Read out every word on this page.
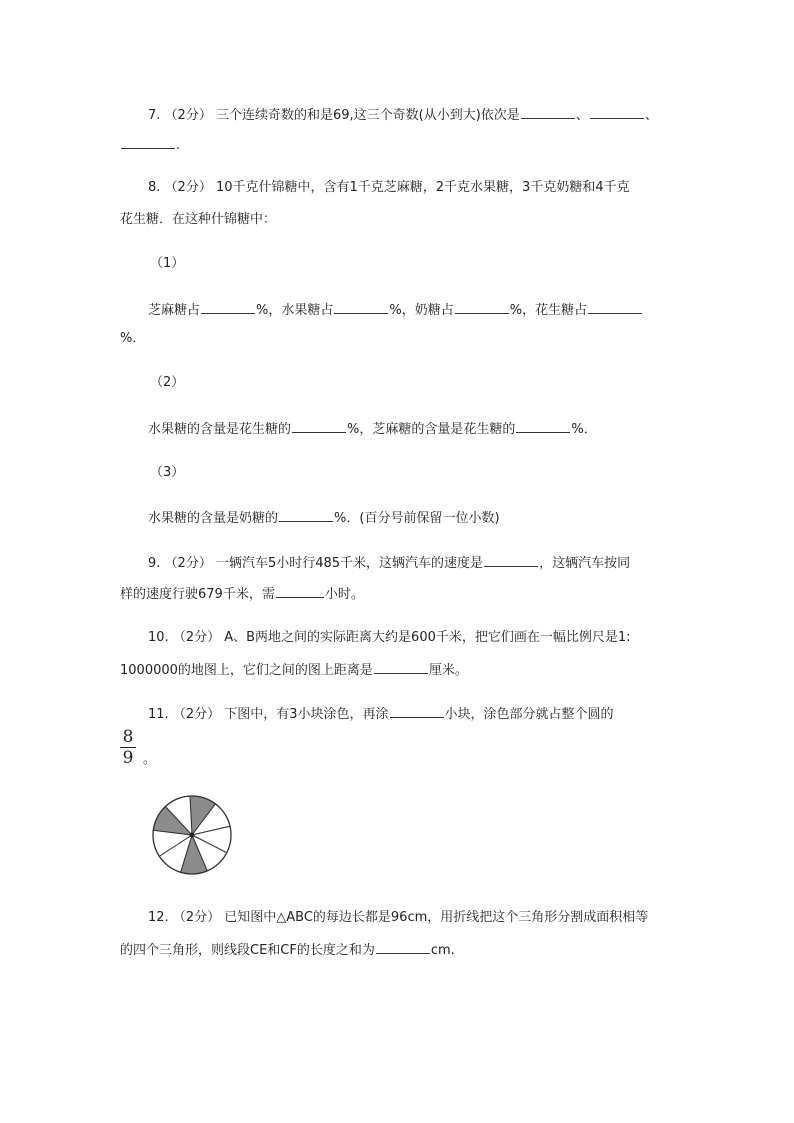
7. （2分） 三个连续奇数的和是69,这三个奇数(从小到大)依次是	、	、
.
8. （2分） 10千克什锦糖中，含有1千克芝麻糖，2千克水果糖，3千克奶糖和4千克
花生糖．在这种什锦糖中：
（1）
芝麻糖占	%，水果糖占	%，奶糖占	%，花生糖占
%．
（2）
水果糖的含量是花生糖的	%，芝麻糖的含量是花生糖的	%．
（3）
水果糖的含量是奶糖的	%．(百分号前保留一位小数)
9. （2分） 一辆汽车5小时行485千米，这辆汽车的速度是	，这辆汽车按同
样的速度行驶679千米，需	小时。
10. （2分） A、B两地之间的实际距离大约是600千米，把它们画在一幅比例尺是1:
1000000的地图上，它们之间的图上距离是	厘米。
11. （2分） 下图中，有3小块涂色，再涂	小块，涂色部分就占整个圆的
8
9 。
12. （2分） 已知图中△ABC的每边长都是96cm，用折线把这个三角形分割成面积相等
的四个三角形，则线段CE和CF的长度之和为	cm.
